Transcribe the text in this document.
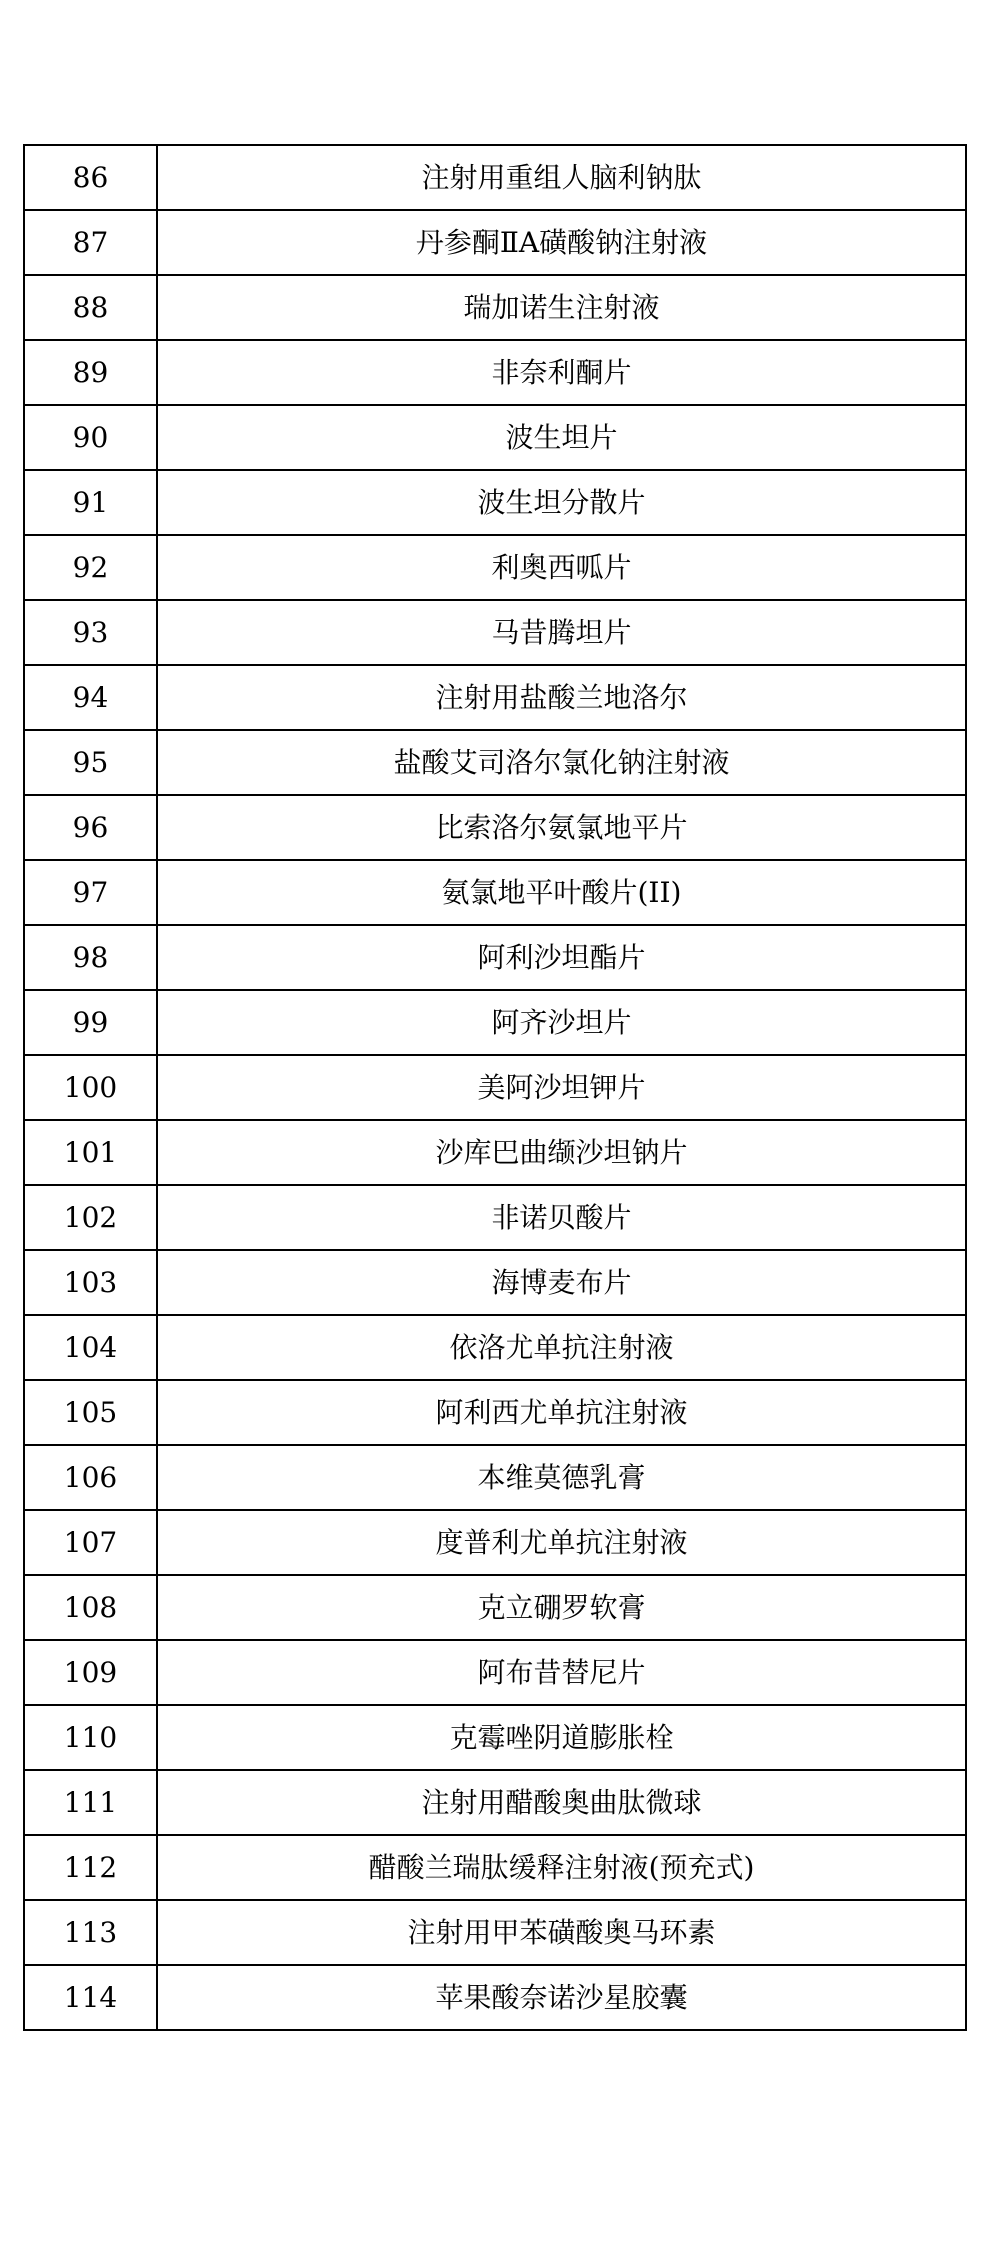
86	注射用重组人脑利钠肽
87	丹参酮ⅡA磺酸钠注射液
88	瑞加诺生注射液
89	非奈利酮片
90	波生坦片
91	波生坦分散片
92	利奥西呱片
93	马昔腾坦片
94	注射用盐酸兰地洛尔
95	盐酸艾司洛尔氯化钠注射液
96	比索洛尔氨氯地平片
97	氨氯地平叶酸片(II)
98	阿利沙坦酯片
99	阿齐沙坦片
100	美阿沙坦钾片
101	沙库巴曲缬沙坦钠片
102	非诺贝酸片
103	海博麦布片
104	依洛尤单抗注射液
105	阿利西尤单抗注射液
106	本维莫德乳膏
107	度普利尤单抗注射液
108	克立硼罗软膏
109	阿布昔替尼片
110	克霉唑阴道膨胀栓
111	注射用醋酸奥曲肽微球
112	醋酸兰瑞肽缓释注射液(预充式)
113	注射用甲苯磺酸奥马环素
114	苹果酸奈诺沙星胶囊
